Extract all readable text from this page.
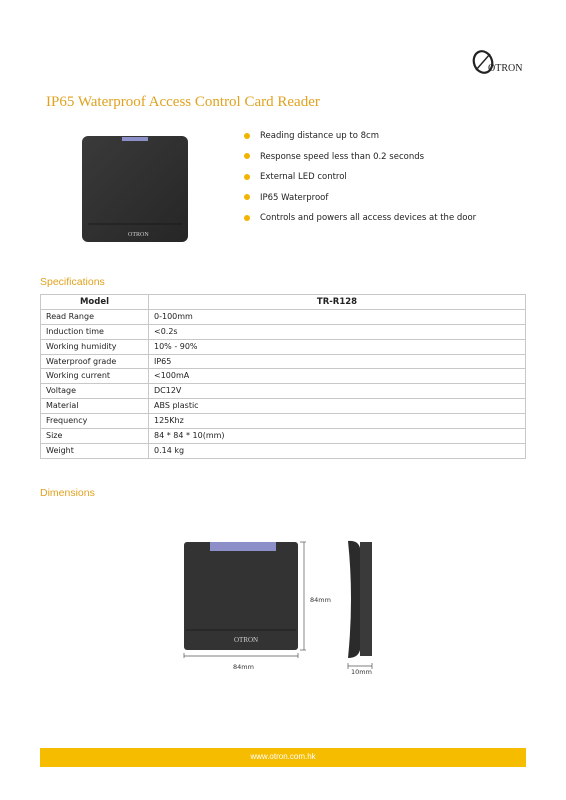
OTRON
IP65 Waterproof Access Control Card Reader
OTRON
Reading distance up to 8cm
Response speed less than 0.2 seconds
External LED control
IP65 Waterproof
Controls and powers all access devices at the door
Specifications
Model	TR-R128
Read Range	0-100mm
Induction time	<0.2s
Working humidity	10% - 90%
Waterproof grade	IP65
Working current	<100mA
Voltage	DC12V
Material	ABS plastic
Frequency	125Khz
Size	84 * 84 * 10(mm)
Weight	0.14 kg
Dimensions
OTRON
84mm
84mm
10mm
www.otron.com.hk
